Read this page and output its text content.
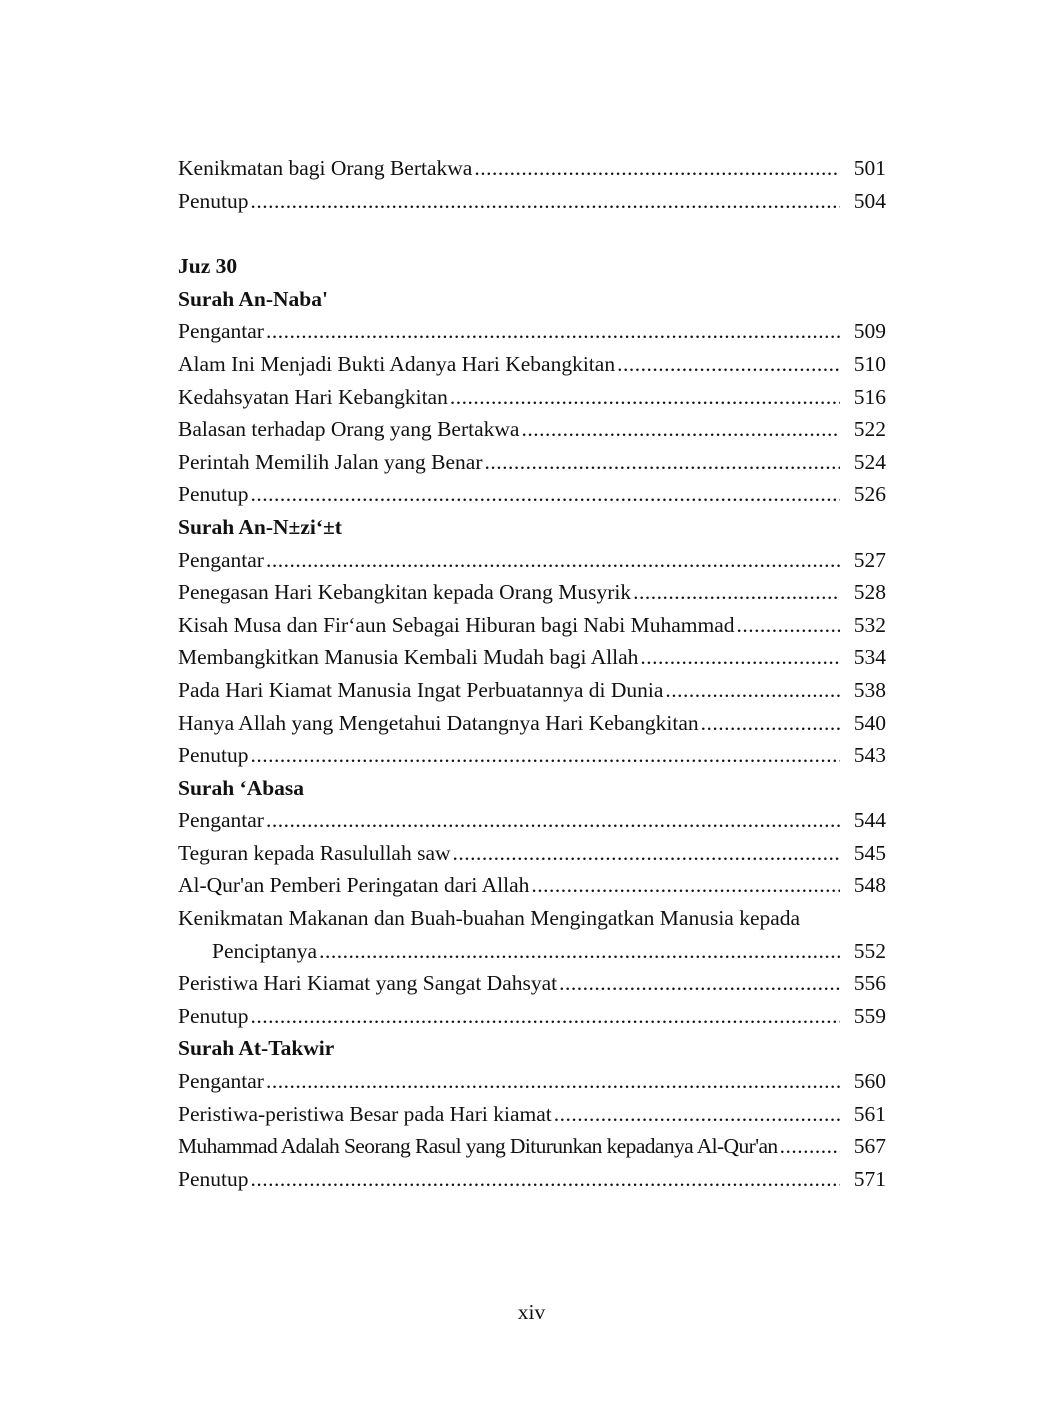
Kenikmatan bagi Orang Bertakwa .....	501
Penutup .....	504
Juz 30
Surah An-Naba'
Pengantar .....	509
Alam Ini Menjadi Bukti Adanya Hari Kebangkitan .....	510
Kedahsyatan Hari Kebangkitan .....	516
Balasan terhadap Orang yang Bertakwa .....	522
Perintah Memilih Jalan yang Benar .....	524
Penutup .....	526
Surah An-N±zi‘±t
Pengantar .....	527
Penegasan Hari Kebangkitan kepada Orang Musyrik .....	528
Kisah Musa dan Fir‘aun Sebagai Hiburan bagi Nabi Muhammad .....	532
Membangkitkan Manusia Kembali Mudah bagi Allah .....	534
Pada Hari Kiamat Manusia Ingat Perbuatannya di Dunia .....	538
Hanya Allah yang Mengetahui Datangnya Hari Kebangkitan .....	540
Penutup .....	543
Surah ‘Abasa
Pengantar .....	544
Teguran kepada Rasulullah saw .....	545
Al-Qur'an Pemberi Peringatan dari Allah .....	548
Kenikmatan Makanan dan Buah-buahan Mengingatkan Manusia kepada
Penciptanya .....	552
Peristiwa Hari Kiamat yang Sangat Dahsyat .....	556
Penutup .....	559
Surah At-Takwir
Pengantar .....	560
Peristiwa-peristiwa Besar pada Hari kiamat .....	561
Muhammad Adalah Seorang Rasul yang Diturunkan kepadanya Al-Qur'an .....	567
Penutup .....	571
xiv
